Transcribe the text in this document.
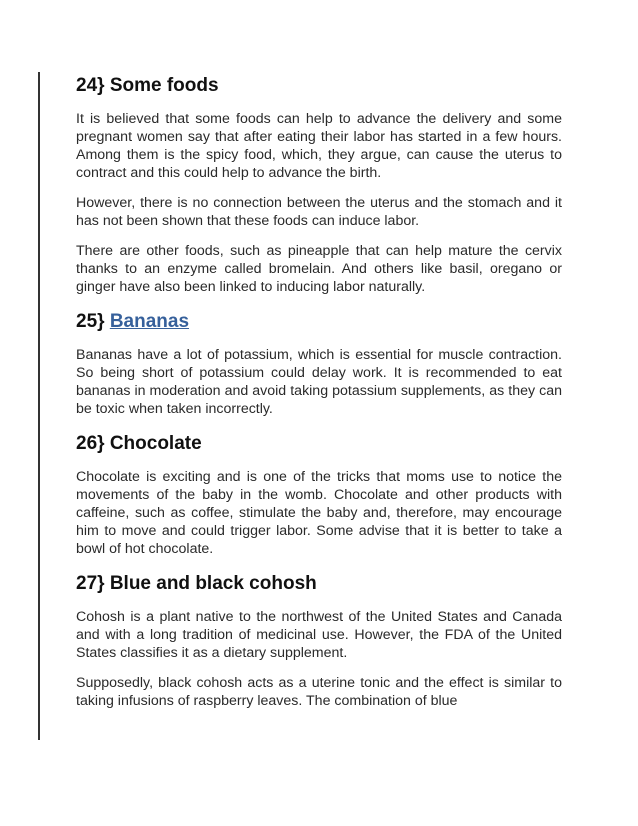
24} Some foods

It is believed that some foods can help to advance the delivery and some pregnant women say that after eating their labor has started in a few hours. Among them is the spicy food, which, they argue, can cause the uterus to contract and this could help to advance the birth.

However, there is no connection between the uterus and the stomach and it has not been shown that these foods can induce labor.

There are other foods, such as pineapple that can help mature the cervix thanks to an enzyme called bromelain. And others like basil, oregano or ginger have also been linked to inducing labor naturally.

25} Bananas

Bananas have a lot of potassium, which is essential for muscle contraction. So being short of potassium could delay work. It is recommended to eat bananas in moderation and avoid taking potassium supplements, as they can be toxic when taken incorrectly.

26} Chocolate

Chocolate is exciting and is one of the tricks that moms use to notice the movements of the baby in the womb. Chocolate and other products with caffeine, such as coffee, stimulate the baby and, therefore, may encourage him to move and could trigger labor. Some advise that it is better to take a bowl of hot chocolate.

27} Blue and black cohosh

Cohosh is a plant native to the northwest of the United States and Canada and with a long tradition of medicinal use. However, the FDA of the United States classifies it as a dietary supplement.

Supposedly, black cohosh acts as a uterine tonic and the effect is similar to taking infusions of raspberry leaves. The combination of blue
